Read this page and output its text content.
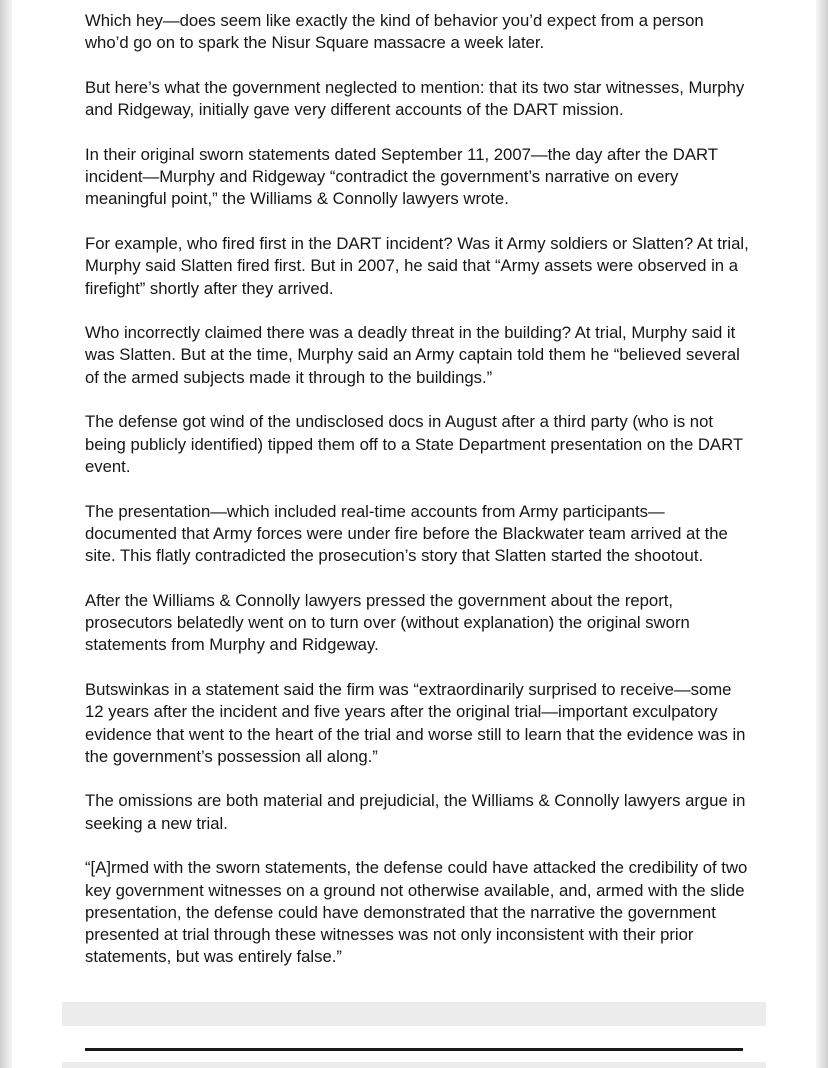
Which hey—does seem like exactly the kind of behavior you’d expect from a person who’d go on to spark the Nisur Square massacre a week later.

But here’s what the government neglected to mention: that its two star witnesses, Murphy and Ridgeway, initially gave very different accounts of the DART mission.

In their original sworn statements dated September 11, 2007—the day after the DART incident—Murphy and Ridgeway “contradict the government’s narrative on every meaningful point,” the Williams & Connolly lawyers wrote.

For example, who fired first in the DART incident? Was it Army soldiers or Slatten? At trial, Murphy said Slatten fired first. But in 2007, he said that “Army assets were observed in a firefight” shortly after they arrived.

Who incorrectly claimed there was a deadly threat in the building? At trial, Murphy said it was Slatten. But at the time, Murphy said an Army captain told them he “believed several of the armed subjects made it through to the buildings.”

The defense got wind of the undisclosed docs in August after a third party (who is not being publicly identified) tipped them off to a State Department presentation on the DART event.

The presentation—which included real-time accounts from Army participants—documented that Army forces were under fire before the Blackwater team arrived at the site. This flatly contradicted the prosecution’s story that Slatten started the shootout.

After the Williams & Connolly lawyers pressed the government about the report, prosecutors belatedly went on to turn over (without explanation) the original sworn statements from Murphy and Ridgeway.

Butswinkas in a statement said the firm was “extraordinarily surprised to receive—some 12 years after the incident and five years after the original trial—important exculpatory evidence that went to the heart of the trial and worse still to learn that the evidence was in the government’s possession all along.”

The omissions are both material and prejudicial, the Williams & Connolly lawyers argue in seeking a new trial.

“[A]rmed with the sworn statements, the defense could have attacked the credibility of two key government witnesses on a ground not otherwise available, and, armed with the slide presentation, the defense could have demonstrated that the narrative the government presented at trial through these witnesses was not only inconsistent with their prior statements, but was entirely false.”
